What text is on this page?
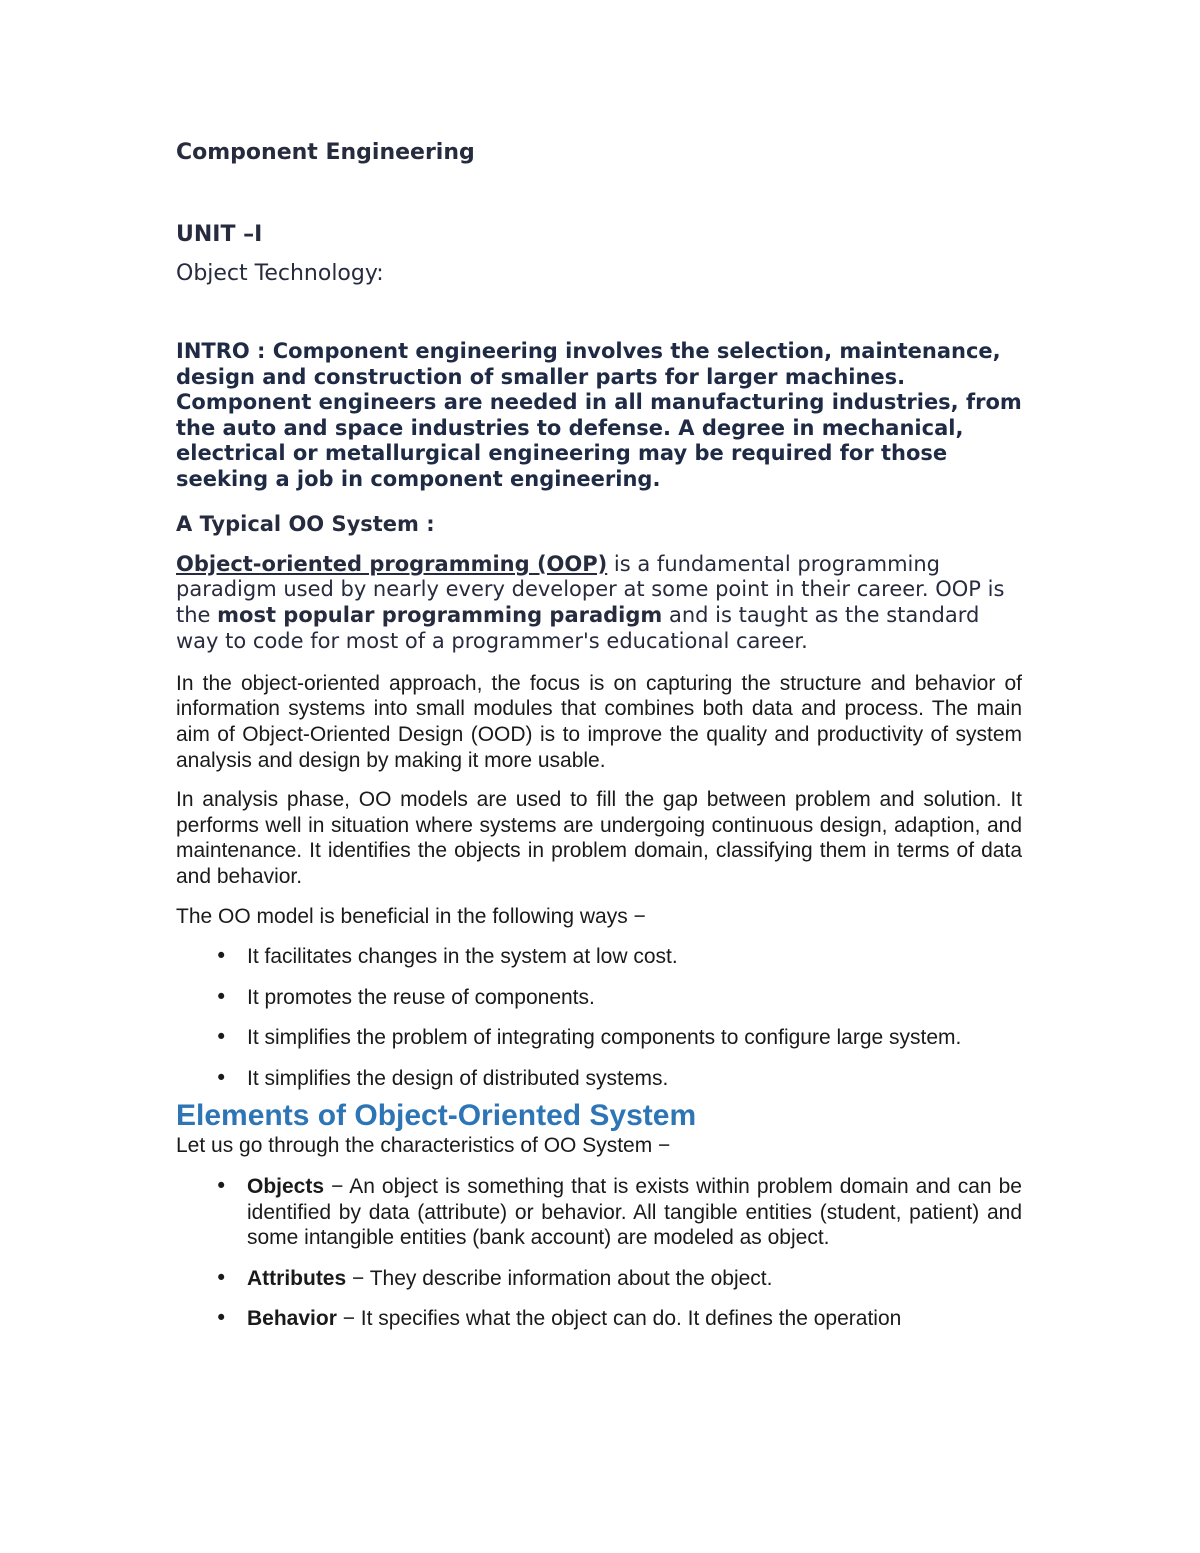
Component Engineering
UNIT –I
Object Technology:

INTRO : Component engineering involves the selection, maintenance, design and construction of smaller parts for larger machines. Component engineers are needed in all manufacturing industries, from the auto and space industries to defense. A degree in mechanical, electrical or metallurgical engineering may be required for those seeking a job in component engineering.

A Typical OO System :

Object-oriented programming (OOP) is a fundamental programming paradigm used by nearly every developer at some point in their career. OOP is the most popular programming paradigm and is taught as the standard way to code for most of a programmer's educational career.

In the object-oriented approach, the focus is on capturing the structure and behavior of information systems into small modules that combines both data and process. The main aim of Object-Oriented Design (OOD) is to improve the quality and productivity of system analysis and design by making it more usable.

In analysis phase, OO models are used to fill the gap between problem and solution. It performs well in situation where systems are undergoing continuous design, adaption, and maintenance. It identifies the objects in problem domain, classifying them in terms of data and behavior.

The OO model is beneficial in the following ways −

• It facilitates changes in the system at low cost.
• It promotes the reuse of components.
• It simplifies the problem of integrating components to configure large system.
• It simplifies the design of distributed systems.
Elements of Object-Oriented System

Let us go through the characteristics of OO System −

• Objects − An object is something that is exists within problem domain and can be identified by data (attribute) or behavior. All tangible entities (student, patient) and some intangible entities (bank account) are modeled as object.
• Attributes − They describe information about the object.
• Behavior − It specifies what the object can do. It defines the operation
